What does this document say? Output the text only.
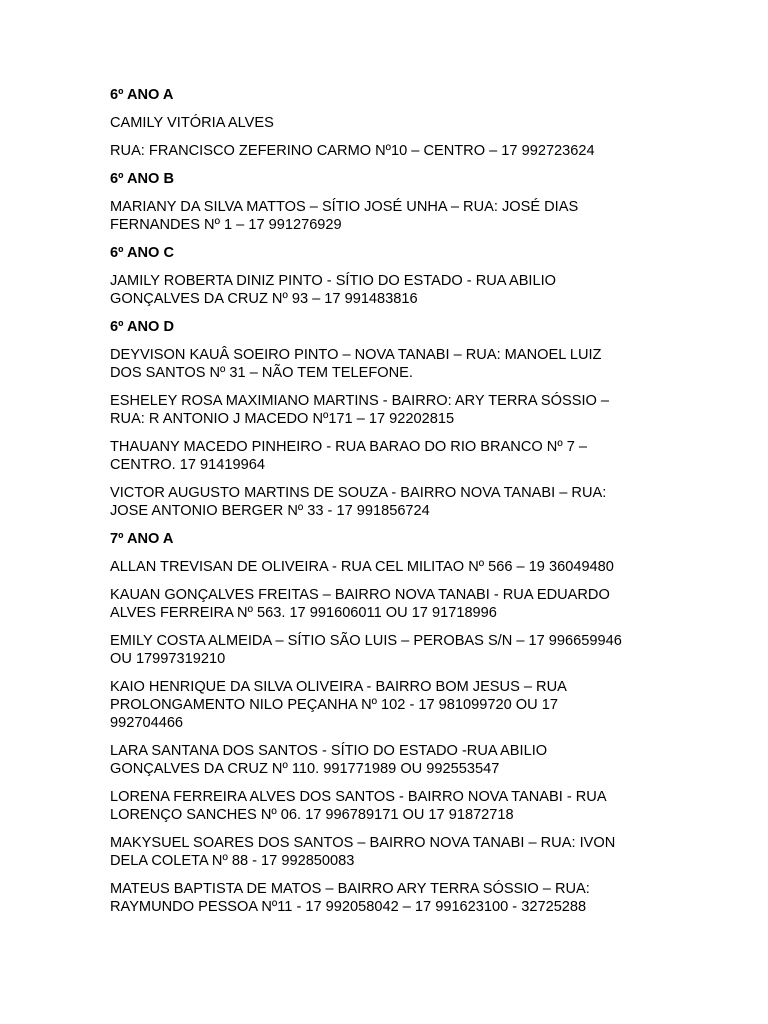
6º ANO A
CAMILY VITÓRIA ALVES
RUA: FRANCISCO ZEFERINO CARMO Nº10 – CENTRO – 17 992723624
6º ANO B
MARIANY DA SILVA MATTOS – SÍTIO JOSÉ UNHA – RUA: JOSÉ DIAS
FERNANDES Nº 1 – 17 991276929
6º ANO C
JAMILY ROBERTA DINIZ PINTO - SÍTIO DO ESTADO - RUA ABILIO
GONÇALVES DA CRUZ Nº 93 – 17 991483816
6º ANO D
DEYVISON KAUÂ SOEIRO PINTO – NOVA TANABI – RUA: MANOEL LUIZ
DOS SANTOS Nº 31 – NÃO TEM TELEFONE.
ESHELEY ROSA MAXIMIANO MARTINS - BAIRRO: ARY TERRA SÓSSIO –
RUA: R ANTONIO J MACEDO Nº171 – 17 92202815
THAUANY MACEDO PINHEIRO - RUA BARAO DO RIO BRANCO Nº 7 –
CENTRO. 17 91419964
VICTOR AUGUSTO MARTINS DE SOUZA - BAIRRO NOVA TANABI – RUA:
JOSE ANTONIO BERGER Nº 33 - 17 991856724
7º ANO A
ALLAN TREVISAN DE OLIVEIRA - RUA CEL MILITAO Nº 566 – 19 36049480
KAUAN GONÇALVES FREITAS – BAIRRO NOVA TANABI - RUA EDUARDO
ALVES FERREIRA Nº 563. 17 991606011 OU 17 91718996
EMILY COSTA ALMEIDA – SÍTIO SÃO LUIS – PEROBAS S/N – 17 996659946
OU 17997319210
KAIO HENRIQUE DA SILVA OLIVEIRA - BAIRRO BOM JESUS – RUA
PROLONGAMENTO NILO PEÇANHA Nº 102 - 17 981099720 OU 17
992704466
LARA SANTANA DOS SANTOS - SÍTIO DO ESTADO -RUA ABILIO
GONÇALVES DA CRUZ Nº 110. 991771989 OU 992553547
LORENA FERREIRA ALVES DOS SANTOS - BAIRRO NOVA TANABI - RUA
LORENÇO SANCHES Nº 06. 17 996789171 OU 17 91872718
MAKYSUEL SOARES DOS SANTOS – BAIRRO NOVA TANABI – RUA: IVON
DELA COLETA Nº 88 - 17 992850083
MATEUS BAPTISTA DE MATOS – BAIRRO ARY TERRA SÓSSIO – RUA:
RAYMUNDO PESSOA Nº11 - 17 992058042 – 17 991623100 - 32725288
